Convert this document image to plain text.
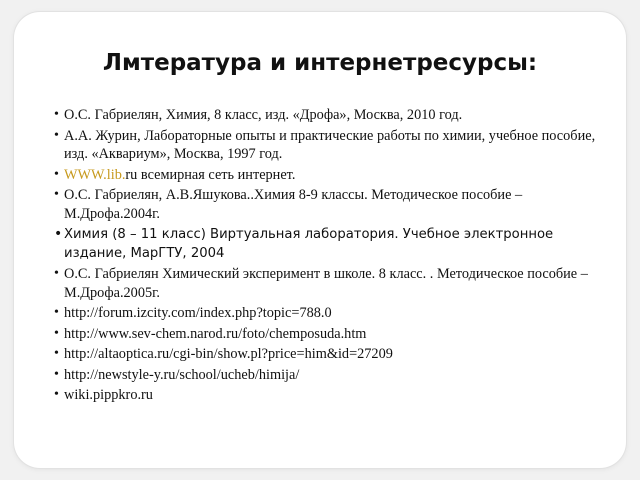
Лмтература и интернетресурсы:
• О.С. Габриелян, Химия, 8 класс, изд. «Дрофа», Москва, 2010 год.
• А.А. Журин, Лабораторные опыты и практические работы по химии, учебное пособие, изд. «Аквариум», Москва, 1997 год.
• WWW.lib.ru всемирная сеть интернет.
• О.С. Габриелян, А.В.Яшукова..Химия 8-9 классы. Методическое пособие – М.Дрофа.2004г.
• Химия (8 – 11 класс) Виртуальная лаборатория. Учебное электронное издание, МарГТУ, 2004
• О.С. Габриелян Химический эксперимент в школе. 8 класс. . Методическое пособие – М.Дрофа.2005г.
• http://forum.izcity.com/index.php?topic=788.0
• http://www.sev-chem.narod.ru/foto/chemposuda.htm
• http://altaoptica.ru/cgi-bin/show.pl?price=him&id=27209
• http://newstyle-y.ru/school/ucheb/himija/
• wiki.pippkro.ru
